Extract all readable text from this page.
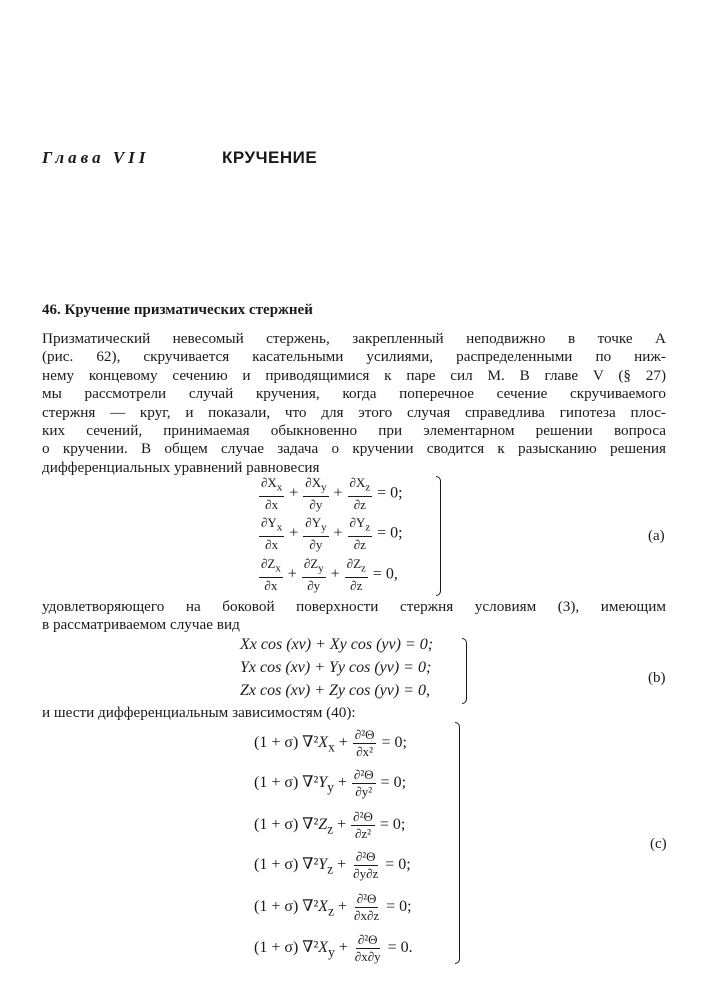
Глава VII	КРУЧЕНИЕ
46. Кручение призматических стержней
Призматический невесомый стержень, закрепленный неподвижно в точке A
(рис. 62), скручивается касательными усилиями, распределенными по ниж-
нему концевому сечению и приводящимися к паре сил M. В главе V (§ 27)
мы рассмотрели случай кручения, когда поперечное сечение скручиваемого
стержня — круг, и показали, что для этого случая справедлива гипотеза плос-
ких сечений, принимаемая обыкновенно при элементарном решении вопроса
о кручении. В общем случае задача о кручении сводится к разысканию решения
дифференциальных уравнений равновесия
$\frac{\partial X_x}{\partial x} + \frac{\partial X_y}{\partial y} + \frac{\partial X_z}{\partial z} = 0$;
$\frac{\partial Y_x}{\partial x} + \frac{\partial Y_y}{\partial y} + \frac{\partial Y_z}{\partial z} = 0$;
$\frac{\partial Z_x}{\partial x} + \frac{\partial Z_y}{\partial y} + \frac{\partial Z_z}{\partial z} = 0$,
(a)
удовлетворяющего на боковой поверхности стержня условиям (3), имеющим
в рассматриваемом случае вид
Xx cos (xv) + Xy cos (yv) = 0;
Yx cos (xv) + Yy cos (yv) = 0;
Zx cos (xv) + Zy cos (yv) = 0,
(b)
и шести дифференциальным зависимостям (40):
(1 + σ) $\nabla^2X_x + \frac{\text{∂²Θ}}{\text{∂x²}} = 0$;
(1 + σ) $\nabla^2Y_y + \frac{\text{∂²Θ}}{\text{∂y²}} = 0$;
(1 + σ) $\nabla^2Z_z + \frac{\text{∂²Θ}}{\text{∂z²}} = 0$;
(1 + σ) $\nabla^2Y_z + \frac{\text{∂²Θ}}{\partial y\partial z} = 0$;
(1 + σ) $\nabla^2X_z + \frac{\text{∂²Θ}}{\partial x\partial z} = 0$;
(1 + σ) $\nabla^2X_y + \frac{\text{∂²Θ}}{\partial x\partial y} = 0$.
(c)
